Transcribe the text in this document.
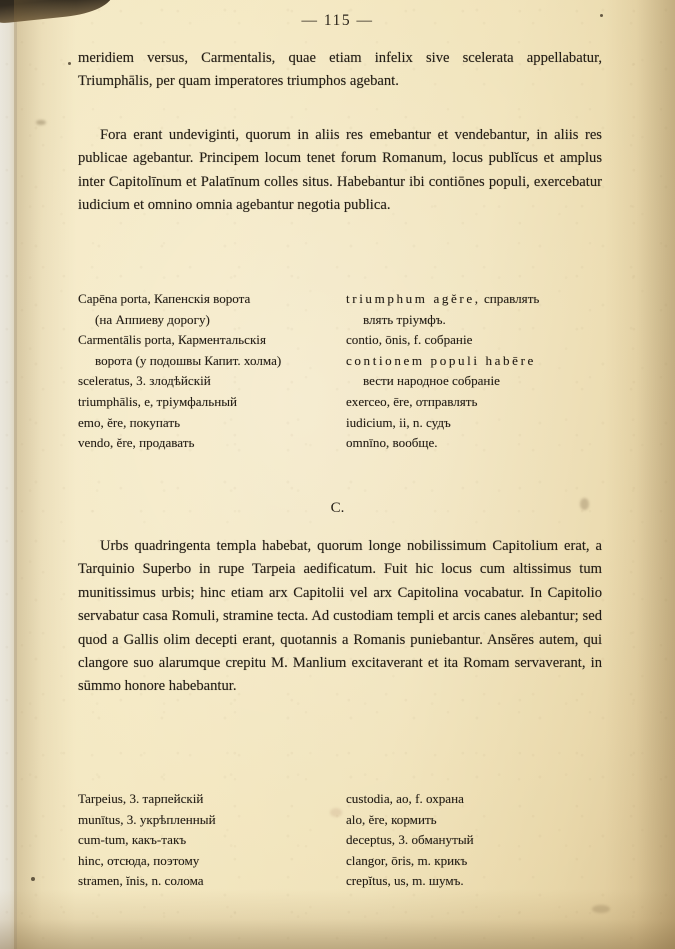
— 115 —

meridiem versus, Carmentalis, quae etiam infelix sive scelerata appellabatur, Triumphālis, per quam imperatores triumphos agebant.

Fora erant undeviginti, quorum in aliis res emebantur et vendebantur, in aliis res publicae agebantur. Principem locum tenet forum Romanum, locus publĭcus et amplus inter Capitolīnum et Palatīnum colles situs. Habebantur ibi contiōnes populi, exercebatur iudicium et omnino omnia agebantur negotia publica.

Capēna porta, Капенскія ворота
(на Аппиеву дорогу)
Carmentālis porta, Карментальскія
ворота (у подошвы Капит. холма)
sceleratus, 3. злодѣйскій
triumphālis, e, тріумфальный
emo, ĕre, покупать
vendo, ĕre, продавать
triumphum agĕre, справлять
влять тріумфъ.
contio, ōnis, f. собраніе
contionem populi habēre
вести народное собраніе
exerceo, ēre, отправлять
iudicium, ii, n. судъ
omnīno, вообще.
C.

Urbs quadringenta templa habebat, quorum longe nobilissimum Capitolium erat, a Tarquinio Superbo in rupe Tarpeia aedificatum. Fuit hic locus cum altissimus tum munitissimus urbis; hinc etiam arx Capitolii vel arx Capitolina vocabatur. In Capitolio servabatur casa Romuli, stramine tecta. Ad custodiam templi et arcis canes alebantur; sed quod a Gallis olim decepti erant, quotannis a Romanis puniebantur. Ansĕres autem, qui clangore suo alarumque crepitu M. Manlium excitaverant et ita Romam servaverant, in sūmmo honore habebantur.

Tarpeius, 3. тарпейскій
munītus, 3. укрѣпленный
cum-tum, какъ-такъ
hinc, отсюда, поэтому
stramen, ĭnis, n. солома
custodia, ao, f. охрана
alo, ĕre, кормить
deceptus, 3. обманутый
clangor, ōris, m. крикъ
crepĭtus, us, m. шумъ.
